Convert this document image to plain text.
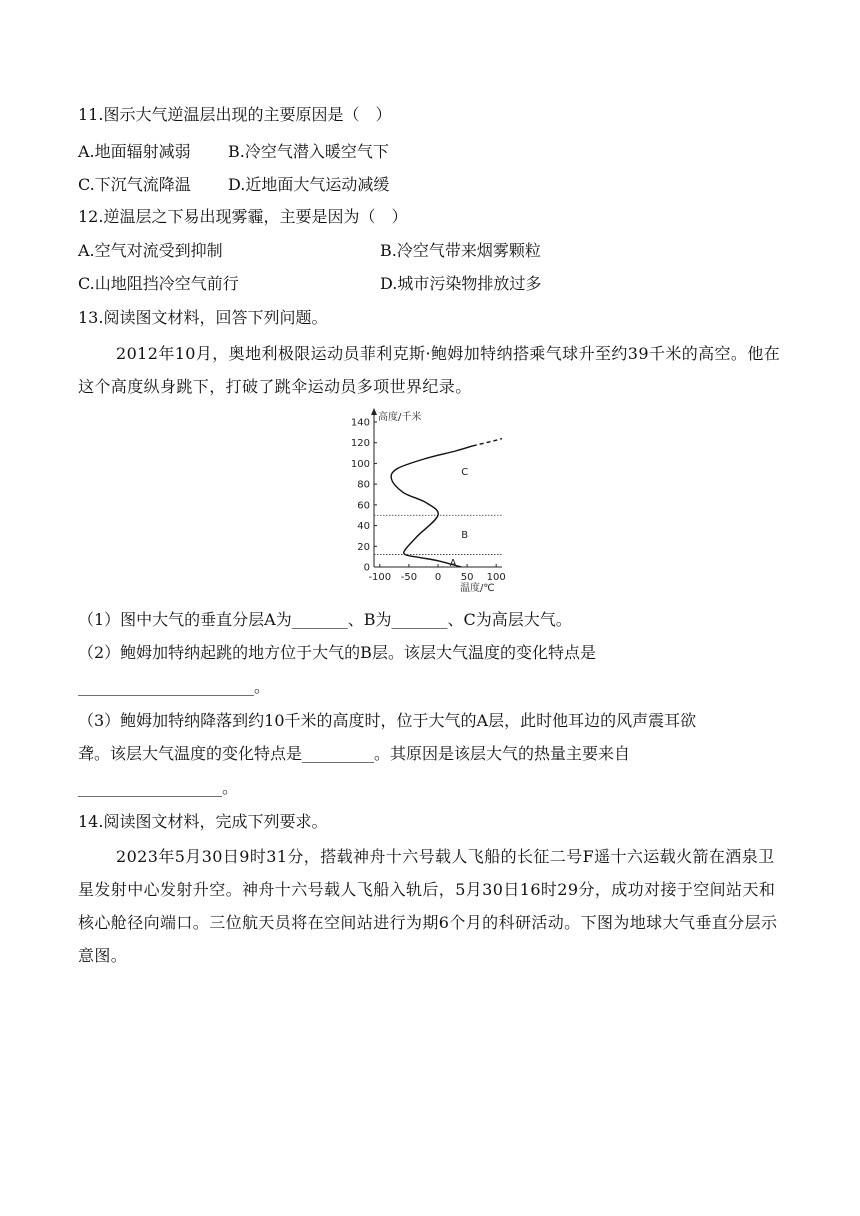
11.图示大气逆温层出现的主要原因是（　）
A.地面辐射减弱 B.冷空气潜入暖空气下
C.下沉气流降温 D.近地面大气运动减缓
12.逆温层之下易出现雾霾，主要是因为（　）
A.空气对流受到抑制	B.冷空气带来烟雾颗粒
C.山地阻挡冷空气前行	D.城市污染物排放过多
13.阅读图文材料，回答下列问题。
2012年10月，奥地利极限运动员菲利克斯·鲍姆加特纳搭乘气球升至约39千米的高空。他在这个高度纵身跳下，打破了跳伞运动员多项世界纪录。
高度/千米
温度/℃
140
120
100
80
60
40
20
0
-100 -50 0 50 100
A
B
C
（1）图中大气的垂直分层A为_______、B为_______、C为高层大气。
（2）鲍姆加特纳起跳的地方位于大气的B层。该层大气温度的变化特点是
______________________。
（3）鲍姆加特纳降落到约10千米的高度时，位于大气的A层，此时他耳边的风声震耳欲
聋。该层大气温度的变化特点是_________。其原因是该层大气的热量主要来自
__________________。
14.阅读图文材料，完成下列要求。
2023年5月30日9时31分，搭载神舟十六号载人飞船的长征二号F遥十六运载火箭在酒泉卫星发射中心发射升空。神舟十六号载人飞船入轨后，5月30日16时29分，成功对接于空间站天和核心舱径向端口。三位航天员将在空间站进行为期6个月的科研活动。下图为地球大气垂直分层示意图。
